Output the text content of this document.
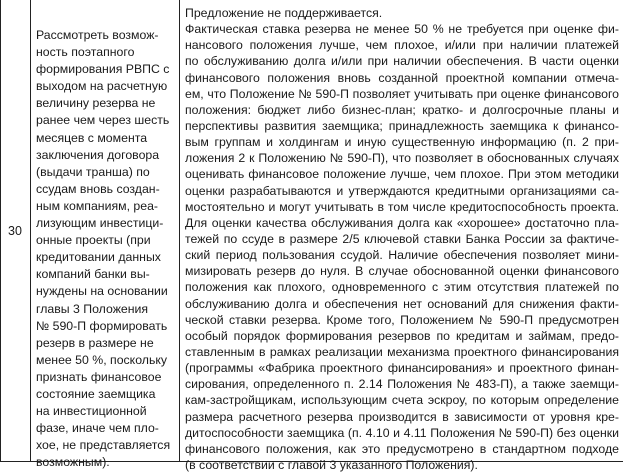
30
Рассмотреть возмож-
ность поэтапного
формирования РВПС с
выходом на расчетную
величину резерва не
ранее чем через шесть
месяцев с момента
заключения договора
(выдачи транша) по
ссудам вновь создан-
ным компаниям, реа-
лизующим инвестици-
онные проекты (при
кредитовании данных
компаний банки вы-
нуждены на основании
главы 3 Положения
№ 590-П формировать
резерв в размере не
менее 50 %, поскольку
признать финансовое
состояние заемщика
на инвестиционной
фазе, иначе чем пло-
хое, не представляется
возможным).
Предложение не поддерживается.
Фактическая ставка резерва не менее 50 % не требуется при оценке фи-
нансового положения лучше, чем плохое, и/или при наличии платежей
по обслуживанию долга и/или при наличии обеспечения. В части оценки
финансового положения вновь созданной проектной компании отмеча-
ем, что Положение № 590-П позволяет учитывать при оценке финансового
положения: бюджет либо бизнес-план; кратко- и долгосрочные планы и
перспективы развития заемщика; принадлежность заемщика к финансо-
вым группам и холдингам и иную существенную информацию (п. 2 при-
ложения 2 к Положению № 590-П), что позволяет в обоснованных случаях
оценивать финансовое положение лучше, чем плохое. При этом методики
оценки разрабатываются и утверждаются кредитными организациями са-
мостоятельно и могут учитывать в том числе кредитоспособность проекта.
Для оценки качества обслуживания долга как «хорошее» достаточно пла-
тежей по ссуде в размере 2/5 ключевой ставки Банка России за фактиче-
ский период пользования ссудой. Наличие обеспечения позволяет мини-
мизировать резерв до нуля. В случае обоснованной оценки финансового
положения как плохого, одновременного с этим отсутствия платежей по
обслуживанию долга и обеспечения нет оснований для снижения факти-
ческой ставки резерва. Кроме того, Положением № 590-П предусмотрен
особый порядок формирования резервов по кредитам и займам, предо-
ставленным в рамках реализации механизма проектного финансирования
(программы «Фабрика проектного финансирования» и проектного финан-
сирования, определенного п. 2.14 Положения № 483-П), а также заемщи-
кам-застройщикам, использующим счета эскроу, по которым определение
размера расчетного резерва производится в зависимости от уровня кре-
дитоспособности заемщика (п. 4.10 и 4.11 Положения № 590-П) без оценки
финансового положения, как это предусмотрено в стандартном подходе
(в соответствии с главой 3 указанного Положения).
